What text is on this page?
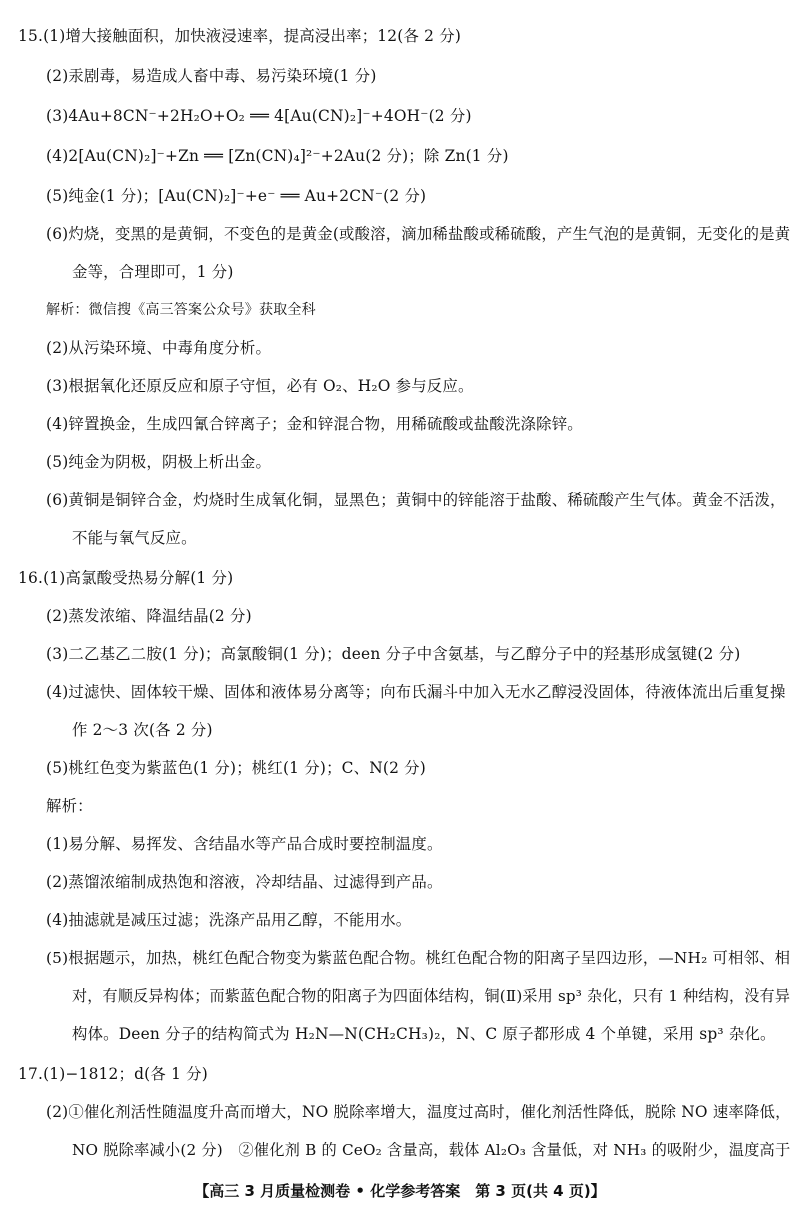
15.(1)增大接触面积，加快液浸速率，提高浸出率；12(各 2 分)
(2)汞剧毒，易造成人畜中毒、易污染环境(1 分)
(3)4Au+8CN⁻+2H₂O+O₂ ══ 4[Au(CN)₂]⁻+4OH⁻(2 分)
(4)2[Au(CN)₂]⁻+Zn ══ [Zn(CN)₄]²⁻+2Au(2 分)；除 Zn(1 分)
(5)纯金(1 分)；[Au(CN)₂]⁻+e⁻ ══ Au+2CN⁻(2 分)
(6)灼烧，变黑的是黄铜，不变色的是黄金(或酸溶，滴加稀盐酸或稀硫酸，产生气泡的是黄铜，无变化的是黄
金等，合理即可，1 分)
解析：微信搜《高三答案公众号》获取全科
(2)从污染环境、中毒角度分析。
(3)根据氧化还原反应和原子守恒，必有 O₂、H₂O 参与反应。
(4)锌置换金，生成四氰合锌离子；金和锌混合物，用稀硫酸或盐酸洗涤除锌。
(5)纯金为阴极，阴极上析出金。
(6)黄铜是铜锌合金，灼烧时生成氧化铜，显黑色；黄铜中的锌能溶于盐酸、稀硫酸产生气体。黄金不活泼，
不能与氧气反应。
16.(1)高氯酸受热易分解(1 分)
(2)蒸发浓缩、降温结晶(2 分)
(3)二乙基乙二胺(1 分)；高氯酸铜(1 分)；deen 分子中含氨基，与乙醇分子中的羟基形成氢键(2 分)
(4)过滤快、固体较干燥、固体和液体易分离等；向布氏漏斗中加入无水乙醇浸没固体，待液体流出后重复操
作 2～3 次(各 2 分)
(5)桃红色变为紫蓝色(1 分)；桃红(1 分)；C、N(2 分)
解析：
(1)易分解、易挥发、含结晶水等产品合成时要控制温度。
(2)蒸馏浓缩制成热饱和溶液，冷却结晶、过滤得到产品。
(4)抽滤就是减压过滤；洗涤产品用乙醇，不能用水。
(5)根据题示，加热，桃红色配合物变为紫蓝色配合物。桃红色配合物的阳离子呈四边形，—NH₂ 可相邻、相
对，有顺反异构体；而紫蓝色配合物的阳离子为四面体结构，铜(Ⅱ)采用 sp³ 杂化，只有 1 种结构，没有异
构体。Deen 分子的结构简式为 H₂N—N(CH₂CH₃)₂，N、C 原子都形成 4 个单键，采用 sp³ 杂化。
17.(1)−1812；d(各 1 分)
(2)①催化剂活性随温度升高而增大，NO 脱除率增大，温度过高时，催化剂活性降低，脱除 NO 速率降低，
NO 脱除率减小(2 分)　②催化剂 B 的 CeO₂ 含量高，载体 Al₂O₃ 含量低，对 NH₃ 的吸附少，温度高于
【高三 3 月质量检测卷 • 化学参考答案　第 3 页(共 4 页)】
